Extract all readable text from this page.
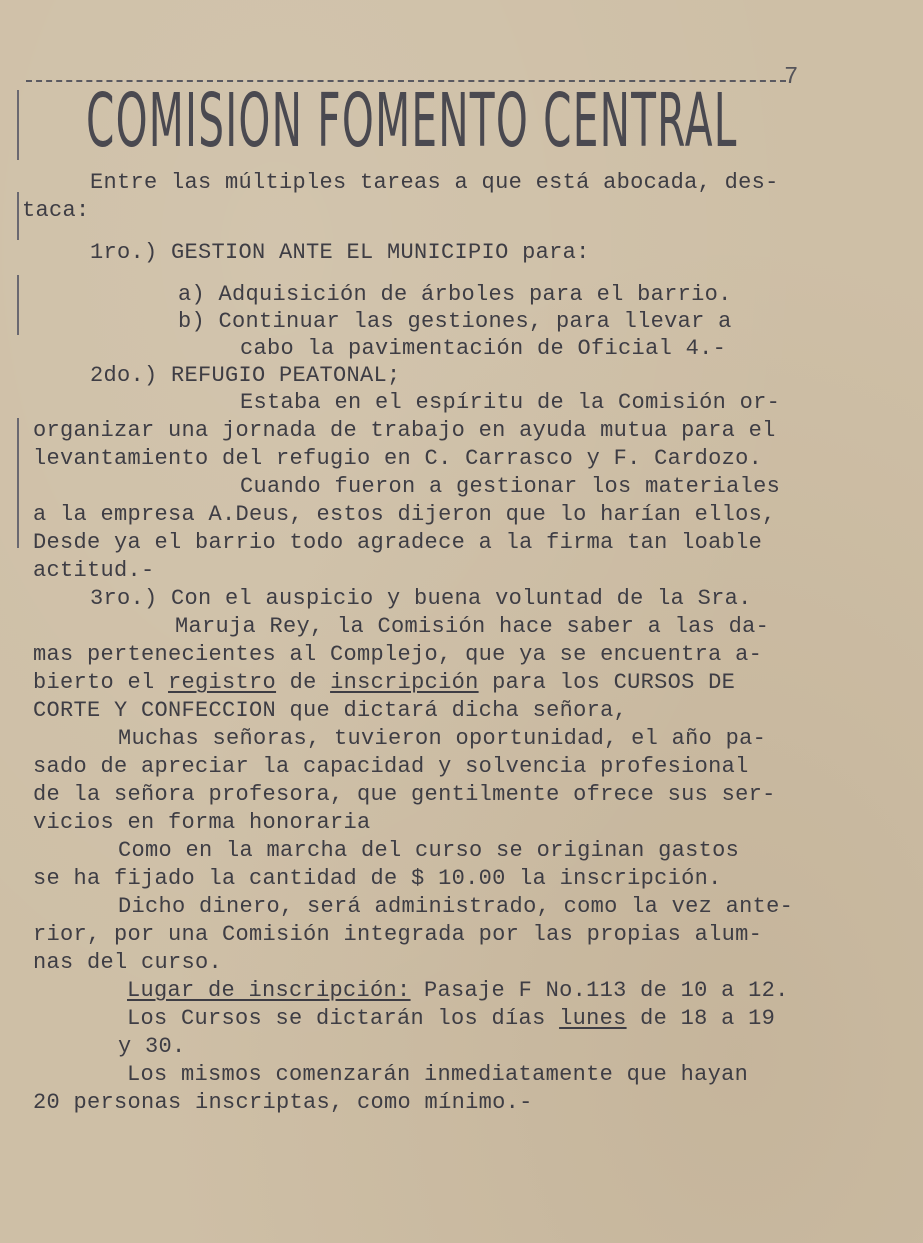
7
COMISION FOMENTO CENTRAL
Entre las múltiples tareas a que está abocada, des-
taca:
1ro.) GESTION ANTE EL MUNICIPIO para:
a) Adquisición de árboles para el barrio.
b) Continuar las gestiones, para llevar a
cabo la pavimentación de Oficial 4.-
2do.) REFUGIO PEATONAL;
Estaba en el espíritu de la Comisión or-
organizar una jornada de trabajo en ayuda mutua para el
levantamiento del refugio en C. Carrasco y F. Cardozo.
Cuando fueron a gestionar los materiales
a la empresa A.Deus, estos dijeron que lo harían ellos,
Desde ya el barrio todo agradece a la firma tan loable
actitud.-
3ro.) Con el auspicio y buena voluntad de la Sra.
Maruja Rey, la Comisión hace saber a las da-
mas pertenecientes al Complejo, que ya se encuentra a-
bierto el registro de inscripción para los CURSOS DE
CORTE Y CONFECCION que dictará dicha señora,
Muchas señoras, tuvieron oportunidad, el año pa-
sado de apreciar la capacidad y solvencia profesional
de la señora profesora, que gentilmente ofrece sus ser-
vicios en forma honoraria
Como en la marcha del curso se originan gastos
se ha fijado la cantidad de $ 10.00 la inscripción.
Dicho dinero, será administrado, como la vez ante-
rior, por una Comisión integrada por las propias alum-
nas del curso.
Lugar de inscripción: Pasaje F No.113 de 10 a 12.
Los Cursos se dictarán los días lunes de 18 a 19
y 30.
Los mismos comenzarán inmediatamente que hayan
20 personas inscriptas, como mínimo.-
